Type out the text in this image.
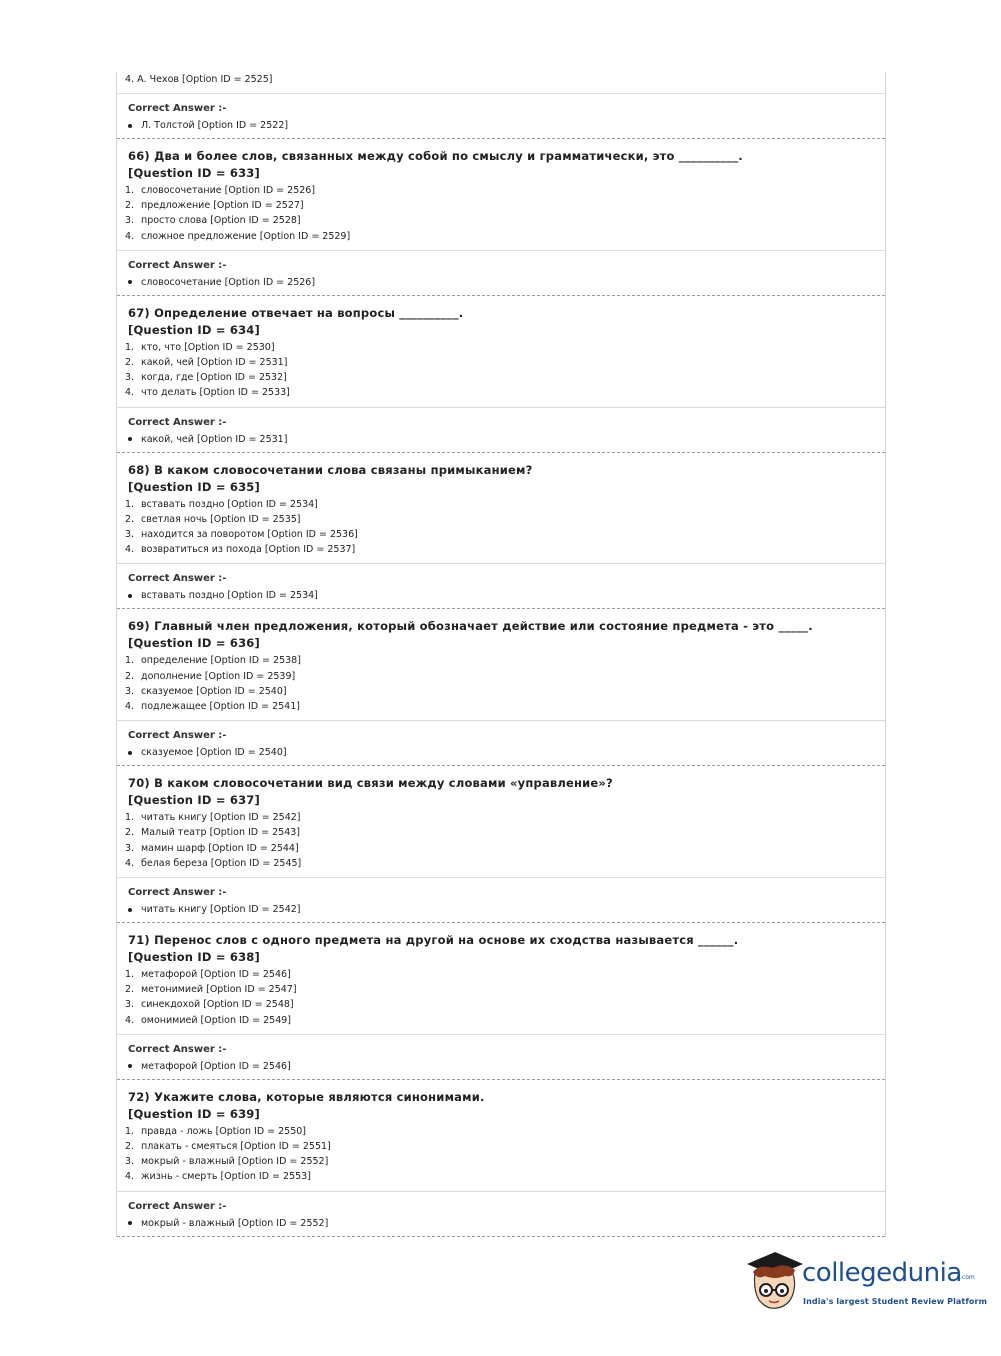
4. А. Чехов [Option ID = 2525]
Correct Answer :-
Л. Толстой [Option ID = 2522]
66) Два и более слов, связанных между собой по смыслу и грамматически, это __________.
[Question ID = 633]
1. словосочетание [Option ID = 2526]
2. предложение [Option ID = 2527]
3. просто слова [Option ID = 2528]
4. сложное предложение [Option ID = 2529]
Correct Answer :-
словосочетание [Option ID = 2526]
67) Определение отвечает на вопросы __________.
[Question ID = 634]
1. кто, что [Option ID = 2530]
2. какой, чей [Option ID = 2531]
3. когда, где [Option ID = 2532]
4. что делать [Option ID = 2533]
Correct Answer :-
какой, чей [Option ID = 2531]
68) В каком словосочетании слова связаны примыканием?
[Question ID = 635]
1. вставать поздно [Option ID = 2534]
2. светлая ночь [Option ID = 2535]
3. находится за поворотом [Option ID = 2536]
4. возвратиться из похода [Option ID = 2537]
Correct Answer :-
вставать поздно [Option ID = 2534]
69) Главный член предложения, который обозначает действие или состояние предмета - это _____.
[Question ID = 636]
1. определение [Option ID = 2538]
2. дополнение [Option ID = 2539]
3. сказуемое [Option ID = 2540]
4. подлежащее [Option ID = 2541]
Correct Answer :-
сказуемое [Option ID = 2540]
70) В каком словосочетании вид связи между словами «управление»?
[Question ID = 637]
1. читать книгу [Option ID = 2542]
2. Малый театр [Option ID = 2543]
3. мамин шарф [Option ID = 2544]
4. белая береза [Option ID = 2545]
Correct Answer :-
читать книгу [Option ID = 2542]
71) Перенос слов с одного предмета на другой на основе их сходства называется ______.
[Question ID = 638]
1. метафорой [Option ID = 2546]
2. метонимией [Option ID = 2547]
3. синекдохой [Option ID = 2548]
4. омонимией [Option ID = 2549]
Correct Answer :-
метафорой [Option ID = 2546]
72) Укажите слова, которые являются синонимами.
[Question ID = 639]
1. правда - ложь [Option ID = 2550]
2. плакать - смеяться [Option ID = 2551]
3. мокрый - влажный [Option ID = 2552]
4. жизнь - смерть [Option ID = 2553]
Correct Answer :-
мокрый - влажный [Option ID = 2552]
collegedunia
.com
India's largest Student Review Platform
